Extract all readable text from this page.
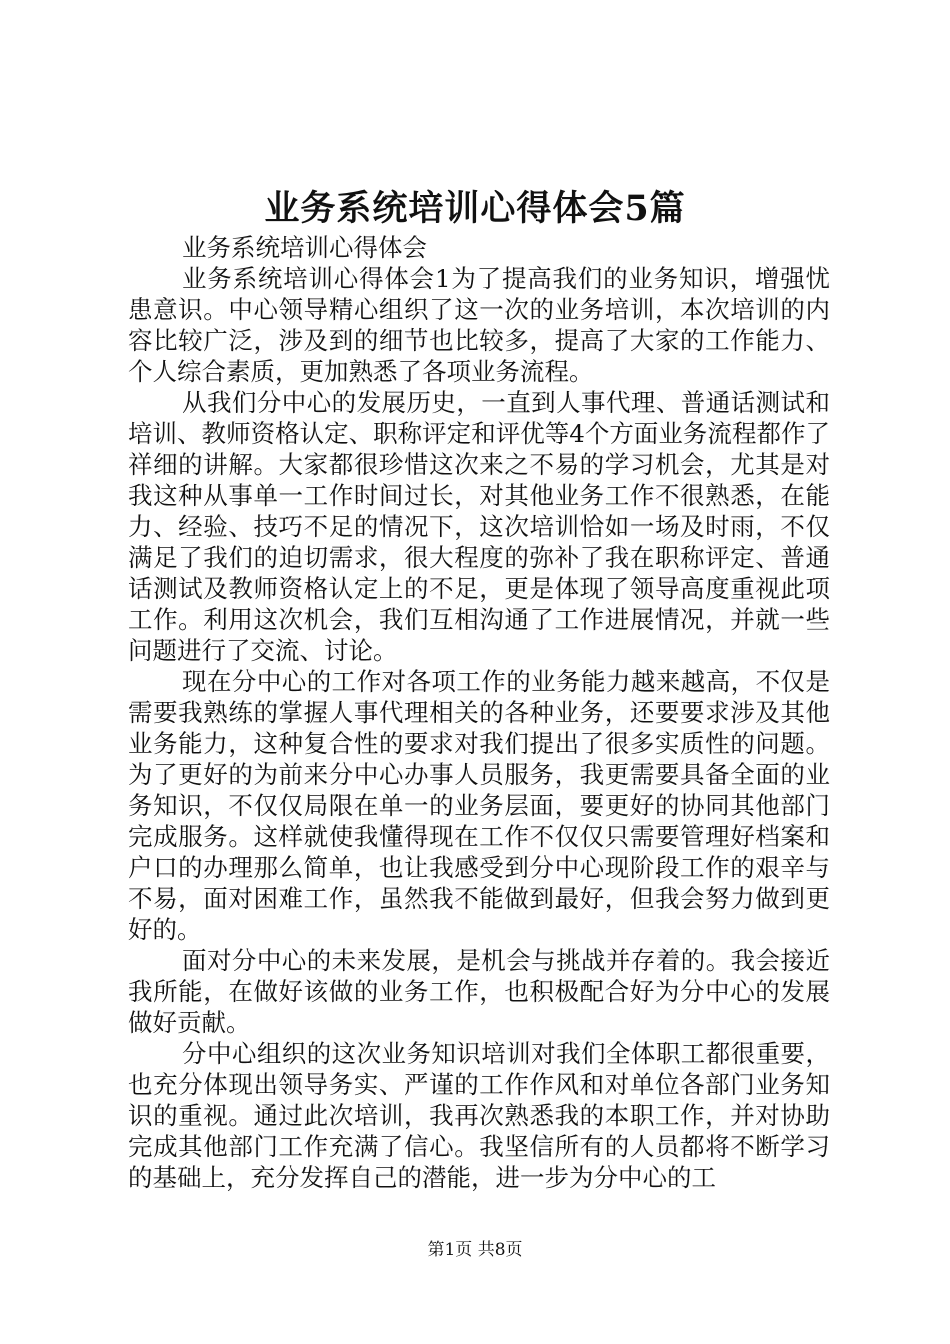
业务系统培训心得体会5篇

业务系统培训心得体会

业务系统培训心得体会1为了提高我们的业务知识，增强忧患意识。中心领导精心组织了这一次的业务培训，本次培训的内容比较广泛，涉及到的细节也比较多，提高了大家的工作能力、个人综合素质，更加熟悉了各项业务流程。

从我们分中心的发展历史，一直到人事代理、普通话测试和培训、教师资格认定、职称评定和评优等4个方面业务流程都作了祥细的讲解。大家都很珍惜这次来之不易的学习机会，尤其是对我这种从事单一工作时间过长，对其他业务工作不很熟悉，在能力、经验、技巧不足的情况下，这次培训恰如一场及时雨，不仅满足了我们的迫切需求，很大程度的弥补了我在职称评定、普通话测试及教师资格认定上的不足，更是体现了领导高度重视此项工作。利用这次机会，我们互相沟通了工作进展情况，并就一些问题进行了交流、讨论。

现在分中心的工作对各项工作的业务能力越来越高，不仅是需要我熟练的掌握人事代理相关的各种业务，还要要求涉及其他业务能力，这种复合性的要求对我们提出了很多实质性的问题。为了更好的为前来分中心办事人员服务，我更需要具备全面的业务知识，不仅仅局限在单一的业务层面，要更好的协同其他部门完成服务。这样就使我懂得现在工作不仅仅只需要管理好档案和户口的办理那么简单，也让我感受到分中心现阶段工作的艰辛与不易，面对困难工作，虽然我不能做到最好，但我会努力做到更好的。

面对分中心的未来发展，是机会与挑战并存着的。我会接近我所能，在做好该做的业务工作，也积极配合好为分中心的发展做好贡献。

分中心组织的这次业务知识培训对我们全体职工都很重要，也充分体现出领导务实、严谨的工作作风和对单位各部门业务知识的重视。通过此次培训，我再次熟悉我的本职工作，并对协助完成其他部门工作充满了信心。我坚信所有的人员都将不断学习的基础上，充分发挥自己的潜能，进一步为分中心的工

第1页 共8页
